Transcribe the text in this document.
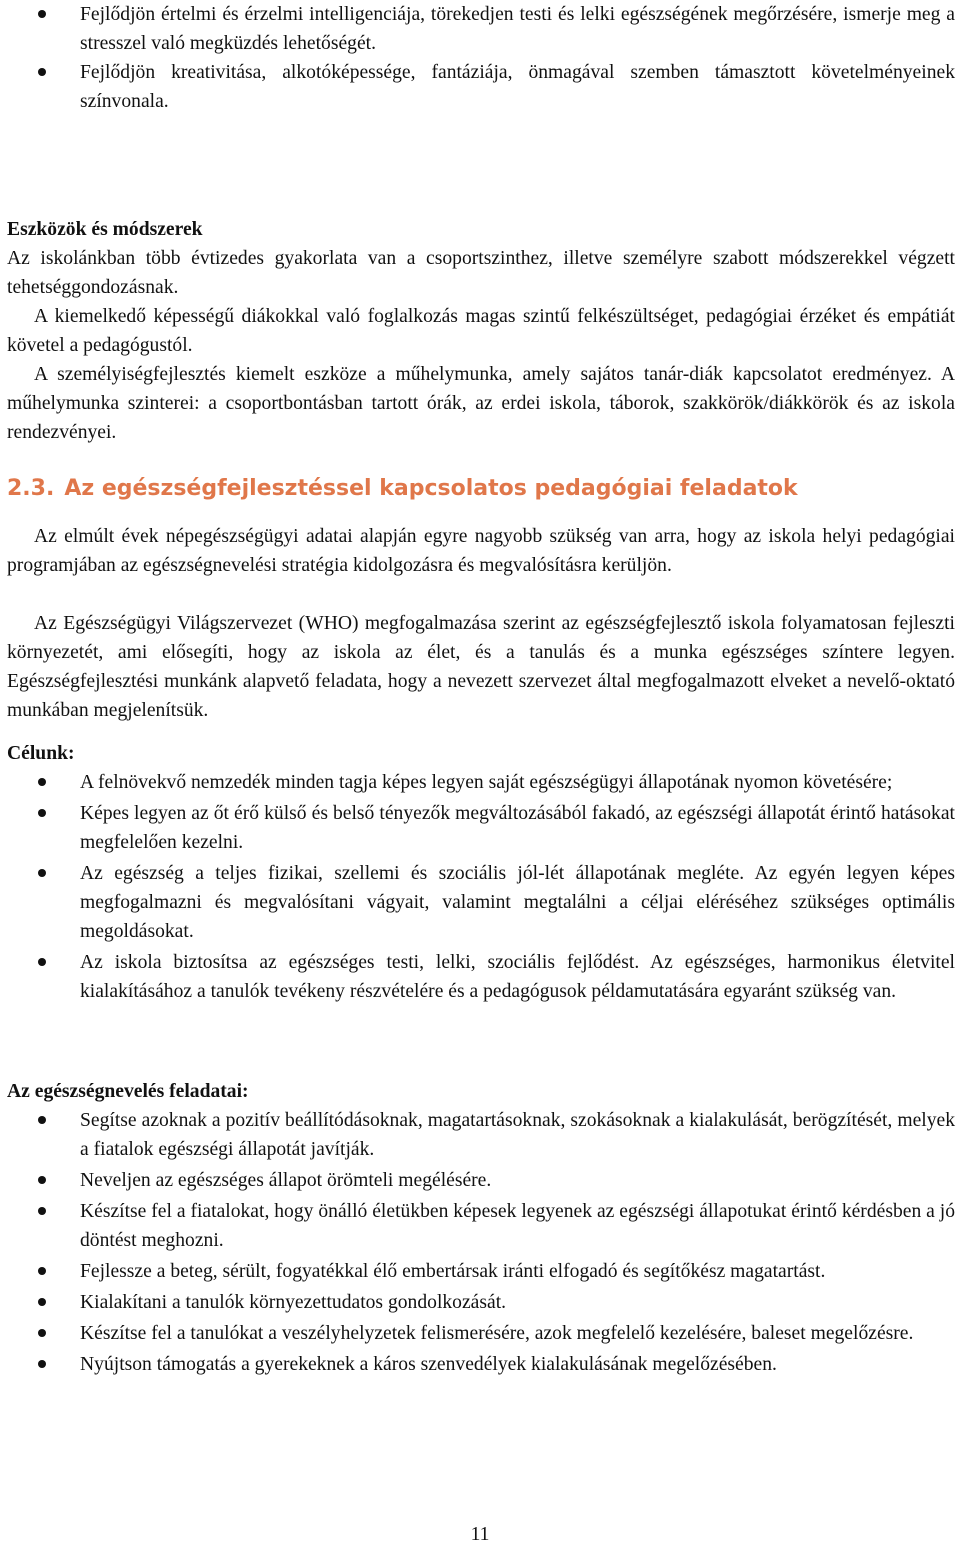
Fejlődjön értelmi és érzelmi intelligenciája, törekedjen testi és lelki egészségének megőrzésére, ismerje meg a stresszel való megküzdés lehetőségét.
Fejlődjön kreativitása, alkotóképessége, fantáziája, önmagával szemben támasztott követelményeinek színvonala.
Eszközök és módszerek
Az iskolánkban több évtizedes gyakorlata van a csoportszinthez, illetve személyre szabott módszerekkel végzett tehetséggondozásnak.
A kiemelkedő képességű diákokkal való foglalkozás magas szintű felkészültséget, pedagógiai érzéket és empátiát követel a pedagógustól.
A személyiségfejlesztés kiemelt eszköze a műhelymunka, amely sajátos tanár-diák kapcsolatot eredményez. A műhelymunka szinterei: a csoportbontásban tartott órák, az erdei iskola, táborok, szakkörök/diákkörök és az iskola rendezvényei.
2.3. Az egészségfejlesztéssel kapcsolatos pedagógiai feladatok
Az elmúlt évek népegészségügyi adatai alapján egyre nagyobb szükség van arra, hogy az iskola helyi pedagógiai programjában az egészségnevelési stratégia kidolgozásra és megvalósításra kerüljön.
Az Egészségügyi Világszervezet (WHO) megfogalmazása szerint az egészségfejlesztő iskola folyamatosan fejleszti környezetét, ami elősegíti, hogy az iskola az élet, és a tanulás és a munka egészséges színtere legyen. Egészségfejlesztési munkánk alapvető feladata, hogy a nevezett szervezet által megfogalmazott elveket a nevelő-oktató munkában megjelenítsük.
Célunk:
A felnövekvő nemzedék minden tagja képes legyen saját egészségügyi állapotának nyomon követésére;
Képes legyen az őt érő külső és belső tényezők megváltozásából fakadó, az egészségi állapotát érintő hatásokat megfelelően kezelni.
Az egészség a teljes fizikai, szellemi és szociális jól-lét állapotának megléte. Az egyén legyen képes megfogalmazni és megvalósítani vágyait, valamint megtalálni a céljai eléréséhez szükséges optimális megoldásokat.
Az iskola biztosítsa az egészséges testi, lelki, szociális fejlődést. Az egészséges, harmonikus életvitel kialakításához a tanulók tevékeny részvételére és a pedagógusok példamutatására egyaránt szükség van.
Az egészségnevelés feladatai:
Segítse azoknak a pozitív beállítódásoknak, magatartásoknak, szokásoknak a kialakulását, berögzítését, melyek a fiatalok egészségi állapotát javítják.
Neveljen az egészséges állapot örömteli megélésére.
Készítse fel a fiatalokat, hogy önálló életükben képesek legyenek az egészségi állapotukat érintő kérdésben a jó döntést meghozni.
Fejlessze a beteg, sérült, fogyatékkal élő embertársak iránti elfogadó és segítőkész magatartást.
Kialakítani a tanulók környezettudatos gondolkozását.
Készítse fel a tanulókat a veszélyhelyzetek felismerésére, azok megfelelő kezelésére, baleset megelőzésre.
Nyújtson támogatás a gyerekeknek a káros szenvedélyek kialakulásának megelőzésében.
11
